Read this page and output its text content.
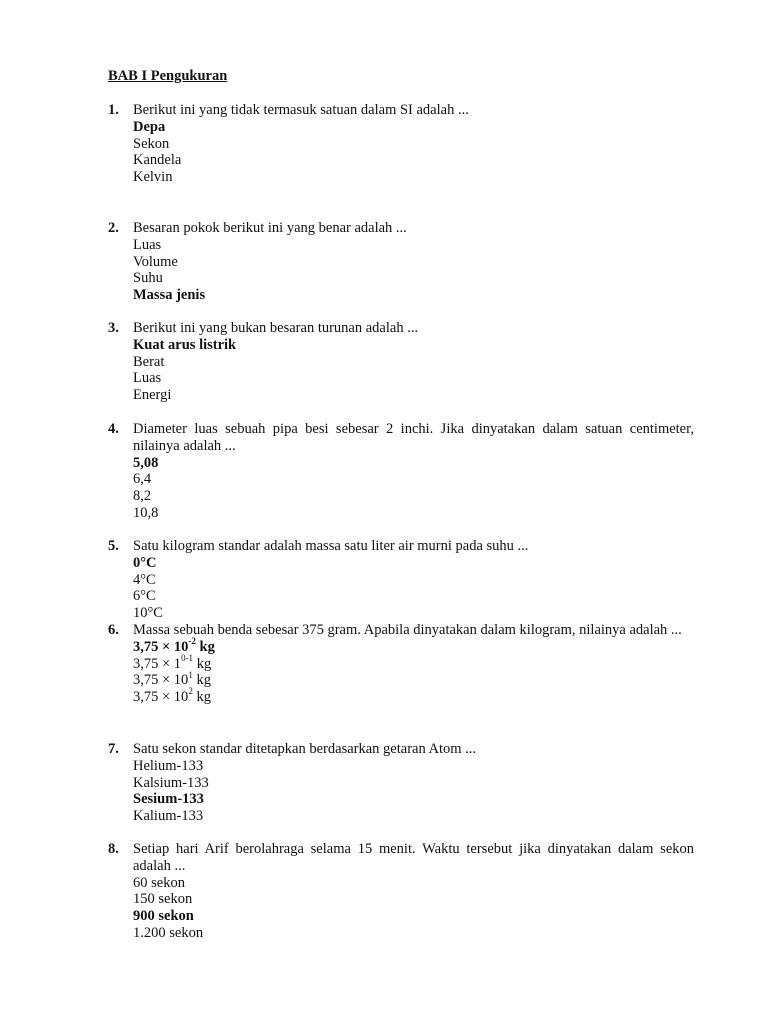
BAB I Pengukuran
1. Berikut ini yang tidak termasuk satuan dalam SI adalah ...
Depa
Sekon
Kandela
Kelvin
2. Besaran pokok berikut ini yang benar adalah ...
Luas
Volume
Suhu
Massa jenis
3. Berikut ini yang bukan besaran turunan adalah ...
Kuat arus listrik
Berat
Luas
Energi
4. Diameter luas sebuah pipa besi sebesar 2 inchi. Jika dinyatakan dalam satuan centimeter, nilainya adalah ...
5,08
6,4
8,2
10,8
5. Satu kilogram standar adalah massa satu liter air murni pada suhu ...
0°C
4°C
6°C
10°C
6. Massa sebuah benda sebesar 375 gram. Apabila dinyatakan dalam kilogram, nilainya adalah ...
$3,75 \times 10^{-2}$ kg
$3,75 \times 1^{0-1}$ kg
$3,75 \times 10^1$ kg
$3,75 \times 10^2$ kg
7. Satu sekon standar ditetapkan berdasarkan getaran Atom ...
Helium-133
Kalsium-133
Sesium-133
Kalium-133
8. Setiap hari Arif berolahraga selama 15 menit. Waktu tersebut jika dinyatakan dalam sekon adalah ...
60 sekon
150 sekon
900 sekon
1.200 sekon
